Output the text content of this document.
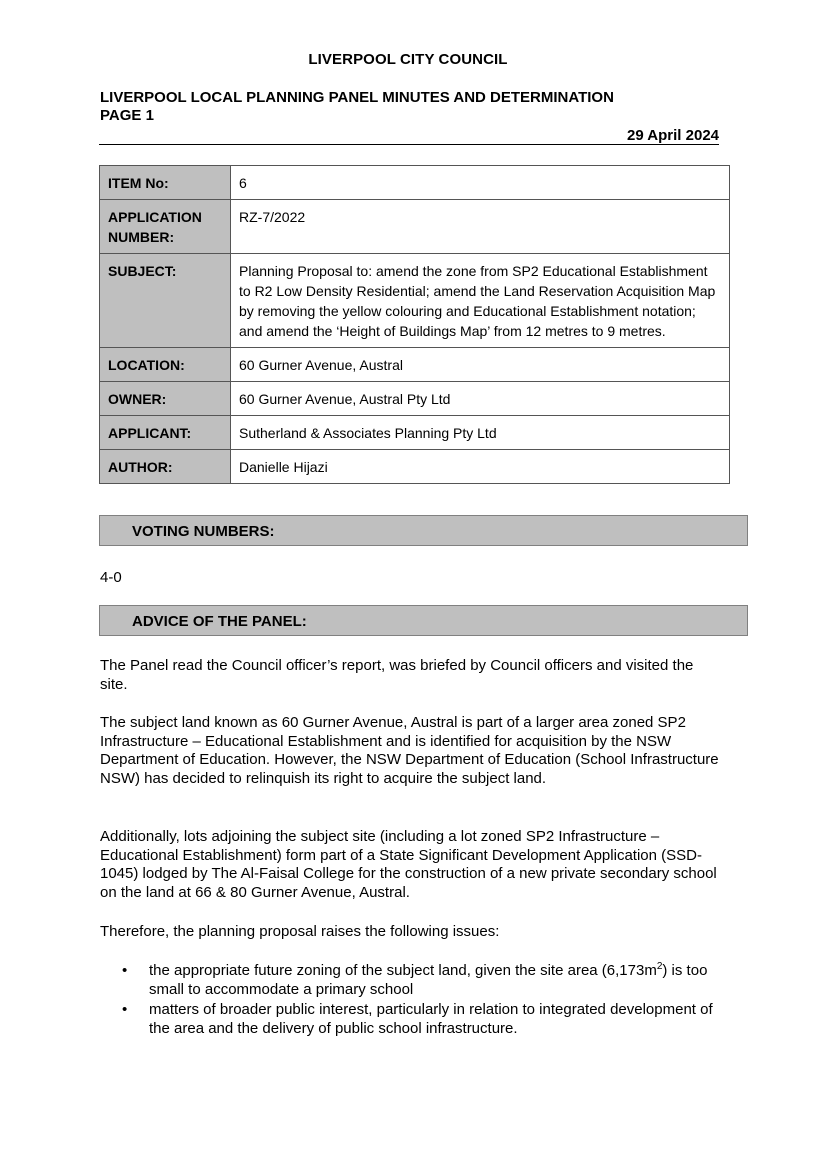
LIVERPOOL CITY COUNCIL
LIVERPOOL LOCAL PLANNING PANEL MINUTES AND DETERMINATION
PAGE 1
29 April 2024
ITEM No:	6
APPLICATION NUMBER:	RZ-7/2022
SUBJECT:	Planning Proposal to: amend the zone from SP2 Educational Establishment to R2 Low Density Residential; amend the Land Reservation Acquisition Map by removing the yellow colouring and Educational Establishment notation; and amend the ‘Height of Buildings Map’ from 12 metres to 9 metres.
LOCATION:	60 Gurner Avenue, Austral
OWNER:	60 Gurner Avenue, Austral Pty Ltd
APPLICANT:	Sutherland & Associates Planning Pty Ltd
AUTHOR:	Danielle Hijazi
VOTING NUMBERS:
4-0
ADVICE OF THE PANEL:
The Panel read the Council officer’s report, was briefed by Council officers and visited the site.
The subject land known as 60 Gurner Avenue, Austral is part of a larger area zoned SP2 Infrastructure – Educational Establishment and is identified for acquisition by the NSW Department of Education. However, the NSW Department of Education (School Infrastructure NSW) has decided to relinquish its right to acquire the subject land.
Additionally, lots adjoining the subject site (including a lot zoned SP2 Infrastructure – Educational Establishment) form part of a State Significant Development Application (SSD-1045) lodged by The Al-Faisal College for the construction of a new private secondary school on the land at 66 & 80 Gurner Avenue, Austral.
Therefore, the planning proposal raises the following issues:
• the appropriate future zoning of the subject land, given the site area $(6,173m^2)$ is too small to accommodate a primary school
• matters of broader public interest, particularly in relation to integrated development of the area and the delivery of public school infrastructure.
